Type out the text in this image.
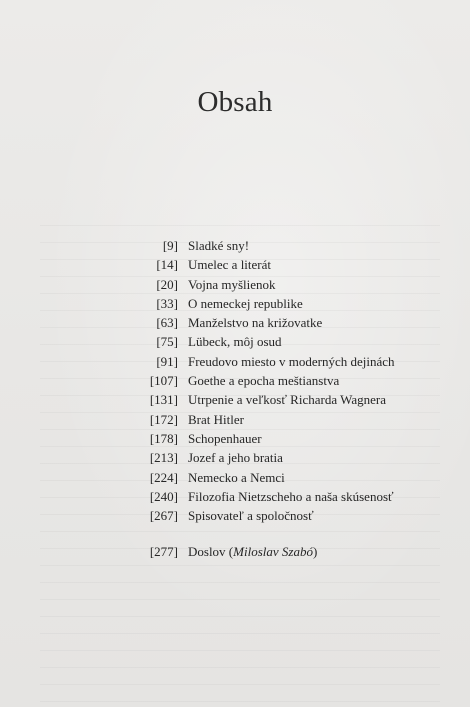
Obsah
[9] Sladké sny!
[14] Umelec a literát
[20] Vojna myšlienok
[33] O nemeckej republike
[63] Manželstvo na križovatke
[75] Lübeck, môj osud
[91] Freudovo miesto v moderných dejinách
[107] Goethe a epocha meštianstva
[131] Utrpenie a veľkosť Richarda Wagnera
[172] Brat Hitler
[178] Schopenhauer
[213] Jozef a jeho bratia
[224] Nemecko a Nemci
[240] Filozofia Nietzscheho a naša skúsenosť
[267] Spisovateľ a spoločnosť
[277] Doslov (Miloslav Szabó)
